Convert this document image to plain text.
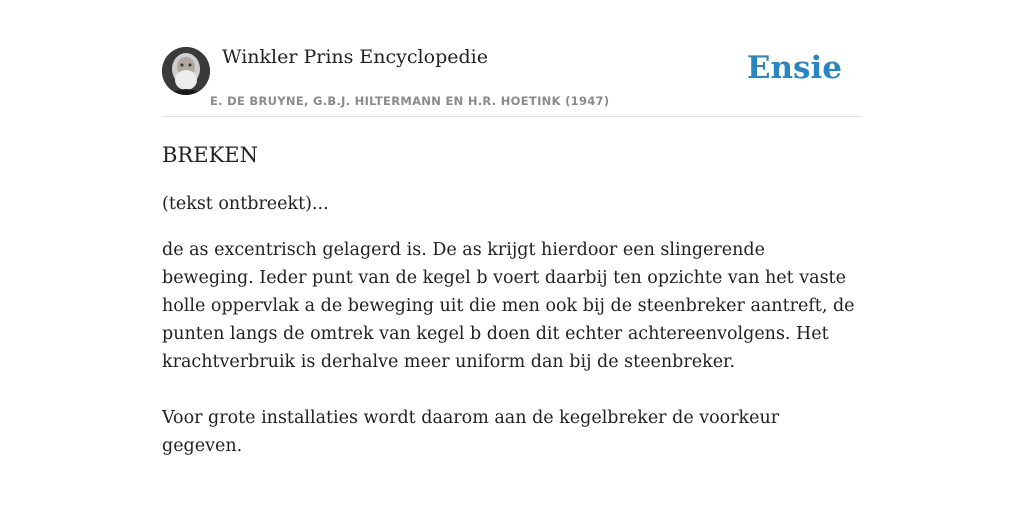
Winkler Prins Encyclopedie
E. DE BRUYNE, G.B.J. HILTERMANN EN H.R. HOETINK (1947)
Ensie
BREKEN

(tekst ontbreekt)...

de as excentrisch gelagerd is. De as krijgt hierdoor een slingerende beweging. Ieder punt van de kegel b voert daarbij ten opzichte van het vaste holle oppervlak a de beweging uit die men ook bij de steenbreker aantreft, de punten langs de omtrek van kegel b doen dit echter achtereenvolgens. Het krachtverbruik is derhalve meer uniform dan bij de steenbreker.

Voor grote installaties wordt daarom aan de kegelbreker de voorkeur gegeven.
